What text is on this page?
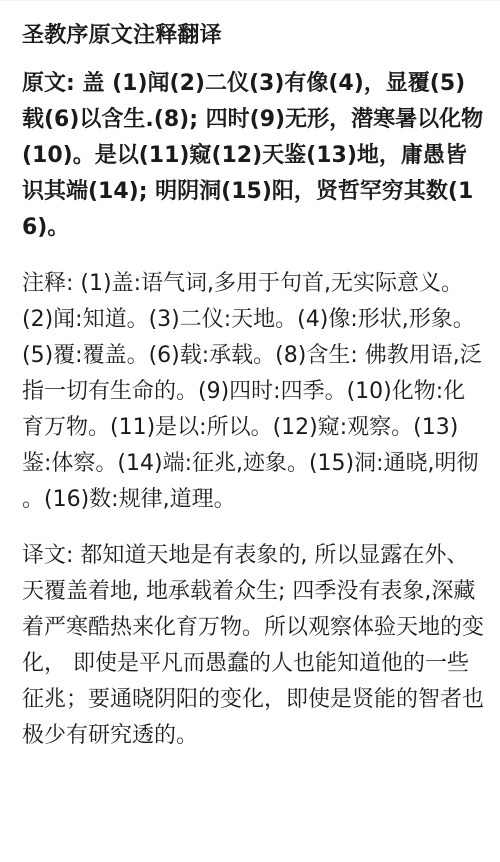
圣教序原文注释翻译

原文: 盖 (1)闻(2)二仪(3)有像(4)，显覆(5)载(6)以含生.(8); 四时(9)无形，潜寒暑以化物(10)。是以(11)窥(12)天鉴(13)地，庸愚皆识其端(14); 明阴洞(15)阳，贤哲罕穷其数(16)。

注释: (1)盖:语气词,多用于句首,无实际意义。(2)闻:知道。(3)二仪:天地。(4)像:形状,形象。(5)覆:覆盖。(6)载:承载。(8)含生: 佛教用语,泛指一切有生命的。(9)四时:四季。(10)化物:化育万物。(11)是以:所以。(12)窥:观察。(13)鉴:体察。(14)端:征兆,迹象。(15)洞:通晓,明彻 。(16)数:规律,道理。

译文: 都知道天地是有表象的, 所以显露在外、天覆盖着地, 地承载着众生; 四季没有表象,深藏着严寒酷热来化育万物。所以观察体验天地的变化， 即使是平凡而愚蠢的人也能知道他的一些征兆；要通晓阴阳的变化，即使是贤能的智者也极少有研究透的。
